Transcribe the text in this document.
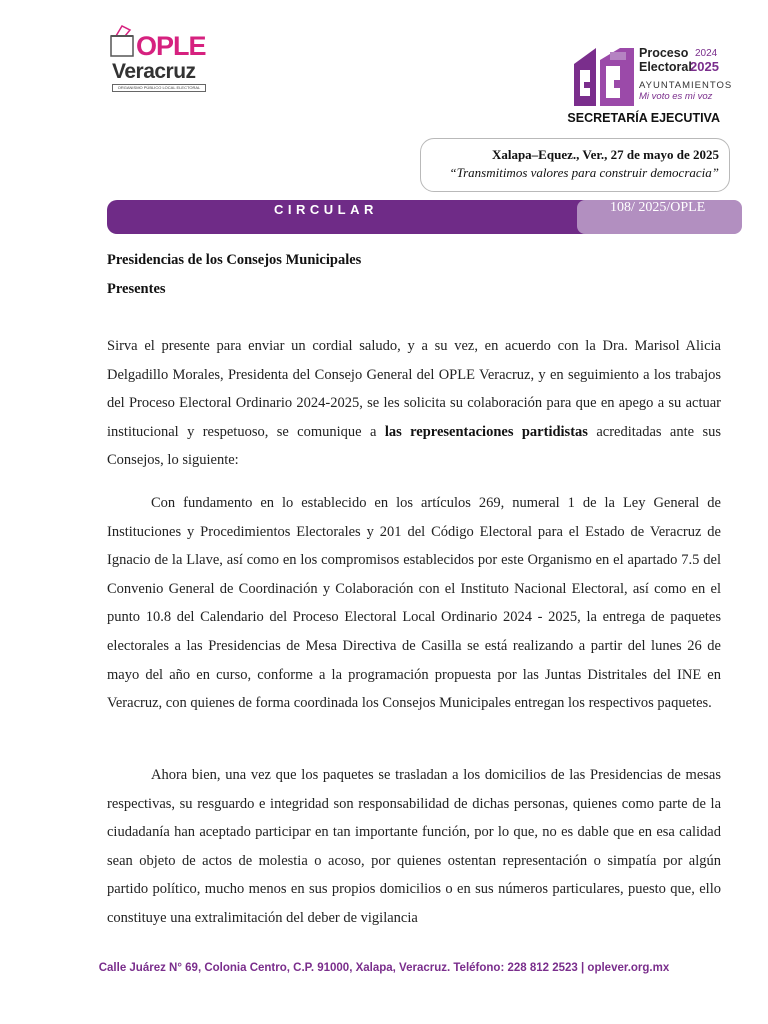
OPLE
Veracruz
ORGANISMO PÚBLICO LOCAL ELECTORAL
Proceso 2024
Electoral
2025
AYUNTAMIENTOS
Mi voto es mi voz
SECRETARÍA EJECUTIVA
Xalapa–Equez., Ver., 27 de mayo de 2025
“Transmitimos valores para construir democracia”
CIRCULAR	108/ 2025/OPLE
Presidencias de los Consejos Municipales
Presentes

Sirva el presente para enviar un cordial saludo, y a su vez, en acuerdo con la Dra. Marisol Alicia Delgadillo Morales, Presidenta del Consejo General del OPLE Veracruz, y en seguimiento a los trabajos del Proceso Electoral Ordinario 2024-2025, se les solicita su colaboración para que en apego a su actuar institucional y respetuoso, se comunique a las representaciones partidistas acreditadas ante sus Consejos, lo siguiente:

Con fundamento en lo establecido en los artículos 269, numeral 1 de la Ley General de Instituciones y Procedimientos Electorales y 201 del Código Electoral para el Estado de Veracruz de Ignacio de la Llave, así como en los compromisos establecidos por este Organismo en el apartado 7.5 del Convenio General de Coordinación y Colaboración con el Instituto Nacional Electoral, así como en el punto 10.8 del Calendario del Proceso Electoral Local Ordinario 2024 - 2025, la entrega de paquetes electorales a las Presidencias de Mesa Directiva de Casilla se está realizando a partir del lunes 26 de mayo del año en curso, conforme a la programación propuesta por las Juntas Distritales del INE en Veracruz, con quienes de forma coordinada los Consejos Municipales entregan los respectivos paquetes.

Ahora bien, una vez que los paquetes se trasladan a los domicilios de las Presidencias de mesas respectivas, su resguardo e integridad son responsabilidad de dichas personas, quienes como parte de la ciudadanía han aceptado participar en tan importante función, por lo que, no es dable que en esa calidad sean objeto de actos de molestia o acoso, por quienes ostentan representación o simpatía por algún partido político, mucho menos en sus propios domicilios o en sus números particulares, puesto que, ello constituye una extralimitación del deber de vigilancia

Calle Juárez N° 69, Colonia Centro, C.P. 91000, Xalapa, Veracruz. Teléfono: 228 812 2523 | oplever.org.mx
